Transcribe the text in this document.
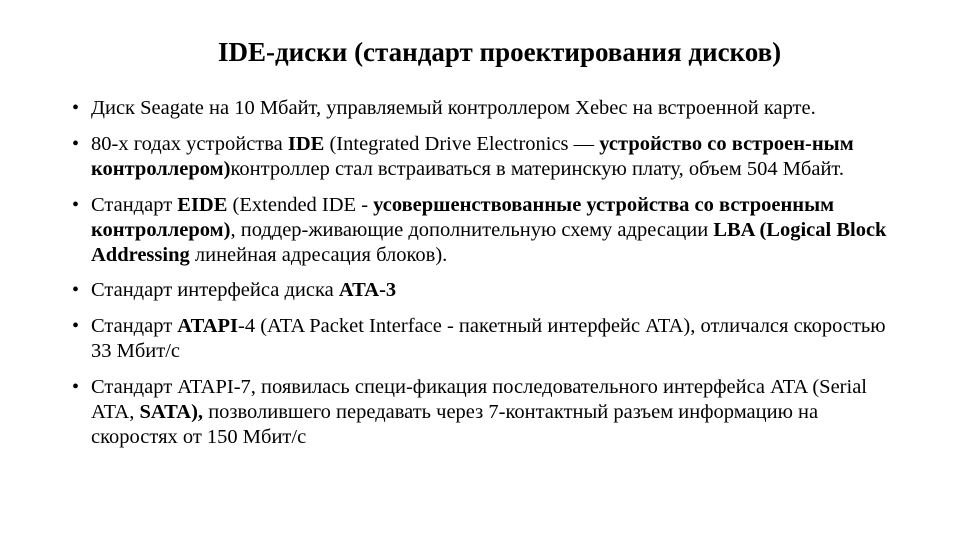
IDE-диски (стандарт проектирования дисков)
• Диск Seagate на 10 Мбайт, управляемый контроллером Xebec на встроенной карте.
• 80-х годах устройства IDE (Integrated Drive Electronics — устройство со встроен-ным контроллером)контроллер стал встраиваться в материнскую плату, объем 504 Мбайт.
• Стандарт EIDE (Extended IDE - усовершенствованные устройства со встроенным контроллером), поддер-живающие дополнительную схему адресации LBA (Logical Block Addressing линейная адресация блоков).
• Стандарт интерфейса диска ATA-3
• Стандарт ATAPI-4 (ATA Packet Interface - пакетный интерфейс ATA), отличался скоростью 33 Мбит/с
• Стандарт ATAPI-7, появилась специ-фикация последовательного интерфейса ATA (Serial ATA, SATA), позволившего передавать через 7-контактный разъем информацию на скоростях от 150 Мбит/с
